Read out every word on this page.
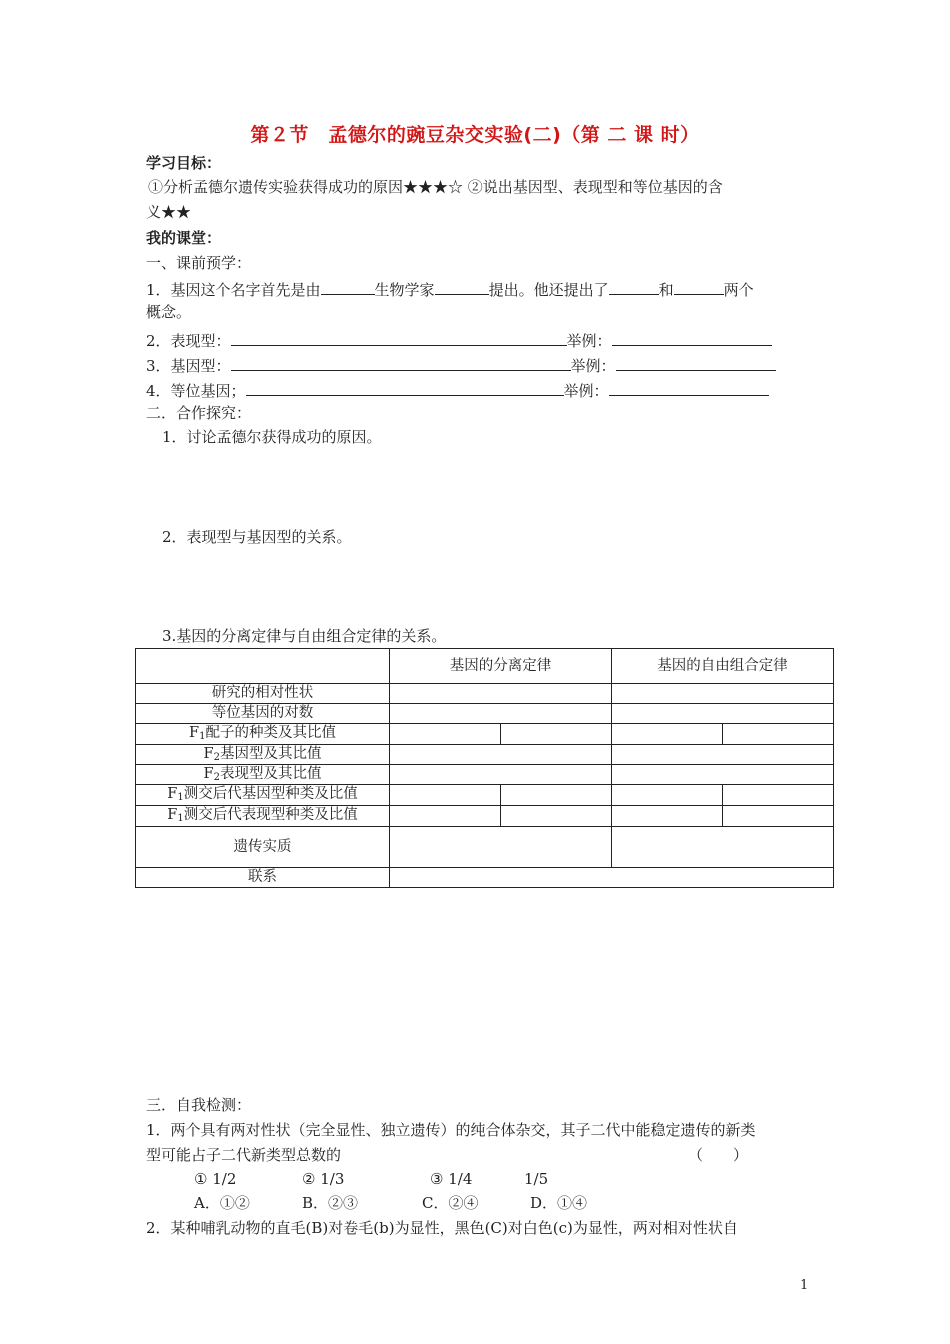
第２节　孟德尔的豌豆杂交实验(二)（第 二 课 时）
学习目标：
①分析孟德尔遗传实验获得成功的原因★★★☆ ②说出基因型、表现型和等位基因的含
义★★
我的课堂：
一、课前预学：
1．基因这个名字首先是由	生物学家	提出。他还提出了	和	两个
概念。
2．表现型：	举例：
3．基因型：	举例：
4．等位基因；	举例：
二．合作探究：
1．讨论孟德尔获得成功的原因。
2．表现型与基因型的关系。
3.基因的分离定律与自由组合定律的关系。
	基因的分离定律		基因的自由组合定律	
研究的相对性状				
等位基因的对数				
$F_1$配子的种类及其比值				
$F_2$基因型及其比值				
$F_2$表现型及其比值				
$F_1$测交后代基因型种类及比值				
$F_1$测交后代表现型种类及比值				
遗传实质				
联系				
三．自我检测：
1．两个具有两对性状（完全显性、独立遗传）的纯合体杂交，其子二代中能稳定遗传的新类
型可能占子二代新类型总数的	（　　）
① 1/2	② 1/3	③ 1/4	1/5
A．①②	B．②③	C．②④	D．①④
2．某种哺乳动物的直毛(B)对卷毛(b)为显性，黑色(C)对白色(c)为显性，两对相对性状自
1
